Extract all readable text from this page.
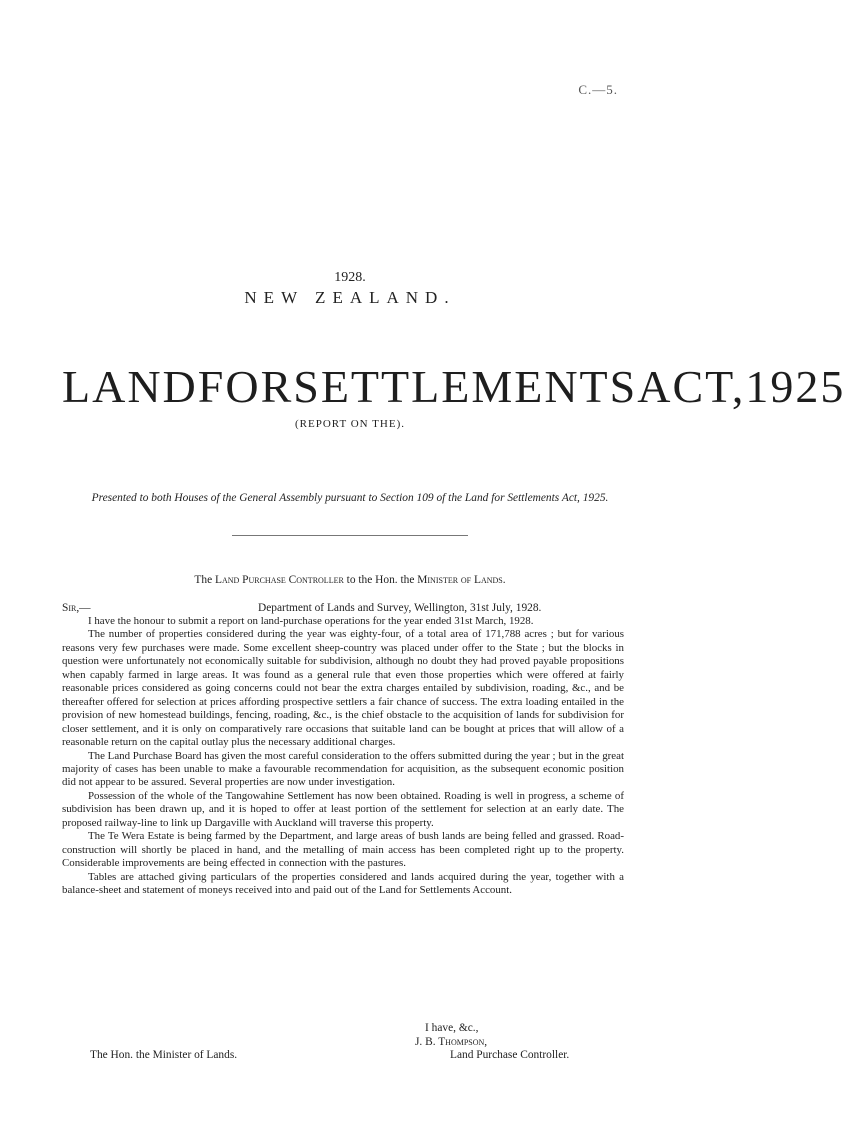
C.—5.
1928.
NEW ZEALAND.
LAND FOR SETTLEMENTS ACT, 1925
(REPORT ON THE).
Presented to both Houses of the General Assembly pursuant to Section 109 of the Land for Settlements Act, 1925.
The Land Purchase Controller to the Hon. the Minister of Lands.
Sir,—	Department of Lands and Survey, Wellington, 31st July, 1928.

I have the honour to submit a report on land-purchase operations for the year ended 31st March, 1928.

The number of properties considered during the year was eighty-four, of a total area of 171,788 acres ; but for various reasons very few purchases were made. Some excellent sheep-country was placed under offer to the State ; but the blocks in question were unfortunately not economically suitable for subdivision, although no doubt they had proved payable propositions when capably farmed in large areas. It was found as a general rule that even those properties which were offered at fairly reasonable prices considered as going concerns could not bear the extra charges entailed by subdivision, roading, &c., and be thereafter offered for selection at prices affording prospective settlers a fair chance of success. The extra loading entailed in the provision of new homestead buildings, fencing, roading, &c., is the chief obstacle to the acquisition of lands for subdivision for closer settlement, and it is only on comparatively rare occasions that suitable land can be bought at prices that will allow of a reasonable return on the capital outlay plus the necessary additional charges.

The Land Purchase Board has given the most careful consideration to the offers submitted during the year ; but in the great majority of cases has been unable to make a favourable recommendation for acquisition, as the subsequent economic position did not appear to be assured. Several properties are now under investigation.

Possession of the whole of the Tangowahine Settlement has now been obtained. Roading is well in progress, a scheme of subdivision has been drawn up, and it is hoped to offer at least portion of the settlement for selection at an early date. The proposed railway-line to link up Dargaville with Auckland will traverse this property.

The Te Wera Estate is being farmed by the Department, and large areas of bush lands are being felled and grassed. Road-construction will shortly be placed in hand, and the metalling of main access has been completed right up to the property. Considerable improvements are being effected in connection with the pastures.

Tables are attached giving particulars of the properties considered and lands acquired during the year, together with a balance-sheet and statement of moneys received into and paid out of the Land for Settlements Account.

I have, &c.,
J. B. Thompson,
The Hon. the Minister of Lands.	Land Purchase Controller.
